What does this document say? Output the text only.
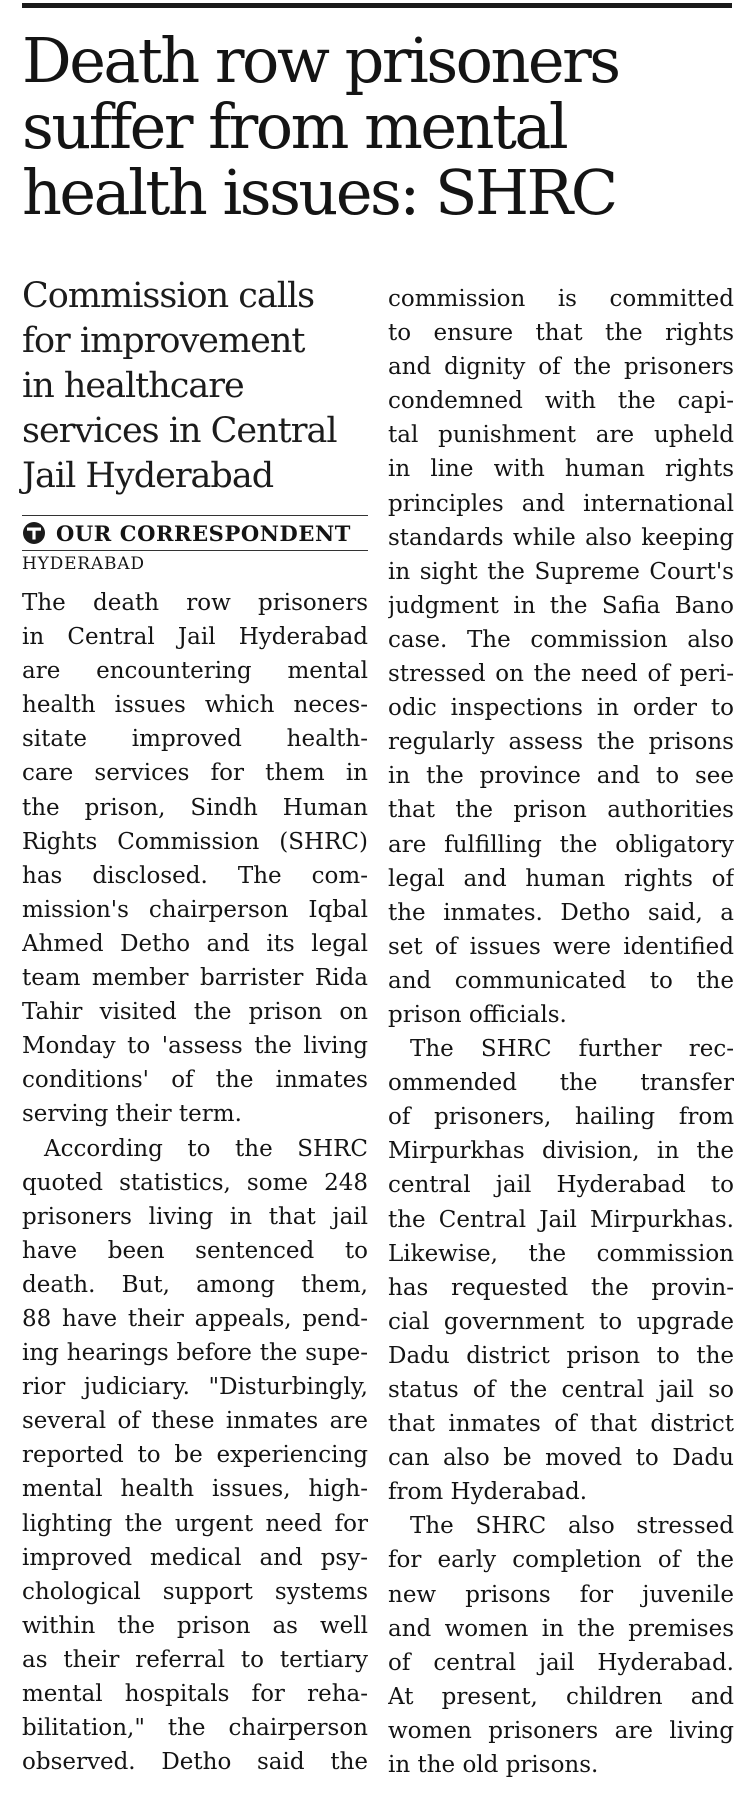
Death row prisoners
suffer from mental
health issues: SHRC
Commission calls
for improvement
in healthcare
services in Central
Jail Hyderabad
OUR CORRESPONDENT
HYDERABAD
The death row prisoners
in Central Jail Hyderabad
are encountering mental
health issues which neces-
sitate improved health-
care services for them in
the prison, Sindh Human
Rights Commission (SHRC)
has disclosed. The com-
mission's chairperson Iqbal
Ahmed Detho and its legal
team member barrister Rida
Tahir visited the prison on
Monday to 'assess the living
conditions' of the inmates
serving their term.
According to the SHRC
quoted statistics, some 248
prisoners living in that jail
have been sentenced to
death. But, among them,
88 have their appeals, pend-
ing hearings before the supe-
rior judiciary. "Disturbingly,
several of these inmates are
reported to be experiencing
mental health issues, high-
lighting the urgent need for
improved medical and psy-
chological support systems
within the prison as well
as their referral to tertiary
mental hospitals for reha-
bilitation," the chairperson
observed. Detho said the
commission is committed
to ensure that the rights
and dignity of the prisoners
condemned with the capi-
tal punishment are upheld
in line with human rights
principles and international
standards while also keeping
in sight the Supreme Court's
judgment in the Safia Bano
case. The commission also
stressed on the need of peri-
odic inspections in order to
regularly assess the prisons
in the province and to see
that the prison authorities
are fulfilling the obligatory
legal and human rights of
the inmates. Detho said, a
set of issues were identified
and communicated to the
prison officials.
The SHRC further rec-
ommended the transfer
of prisoners, hailing from
Mirpurkhas division, in the
central jail Hyderabad to
the Central Jail Mirpurkhas.
Likewise, the commission
has requested the provin-
cial government to upgrade
Dadu district prison to the
status of the central jail so
that inmates of that district
can also be moved to Dadu
from Hyderabad.
The SHRC also stressed
for early completion of the
new prisons for juvenile
and women in the premises
of central jail Hyderabad.
At present, children and
women prisoners are living
in the old prisons.
